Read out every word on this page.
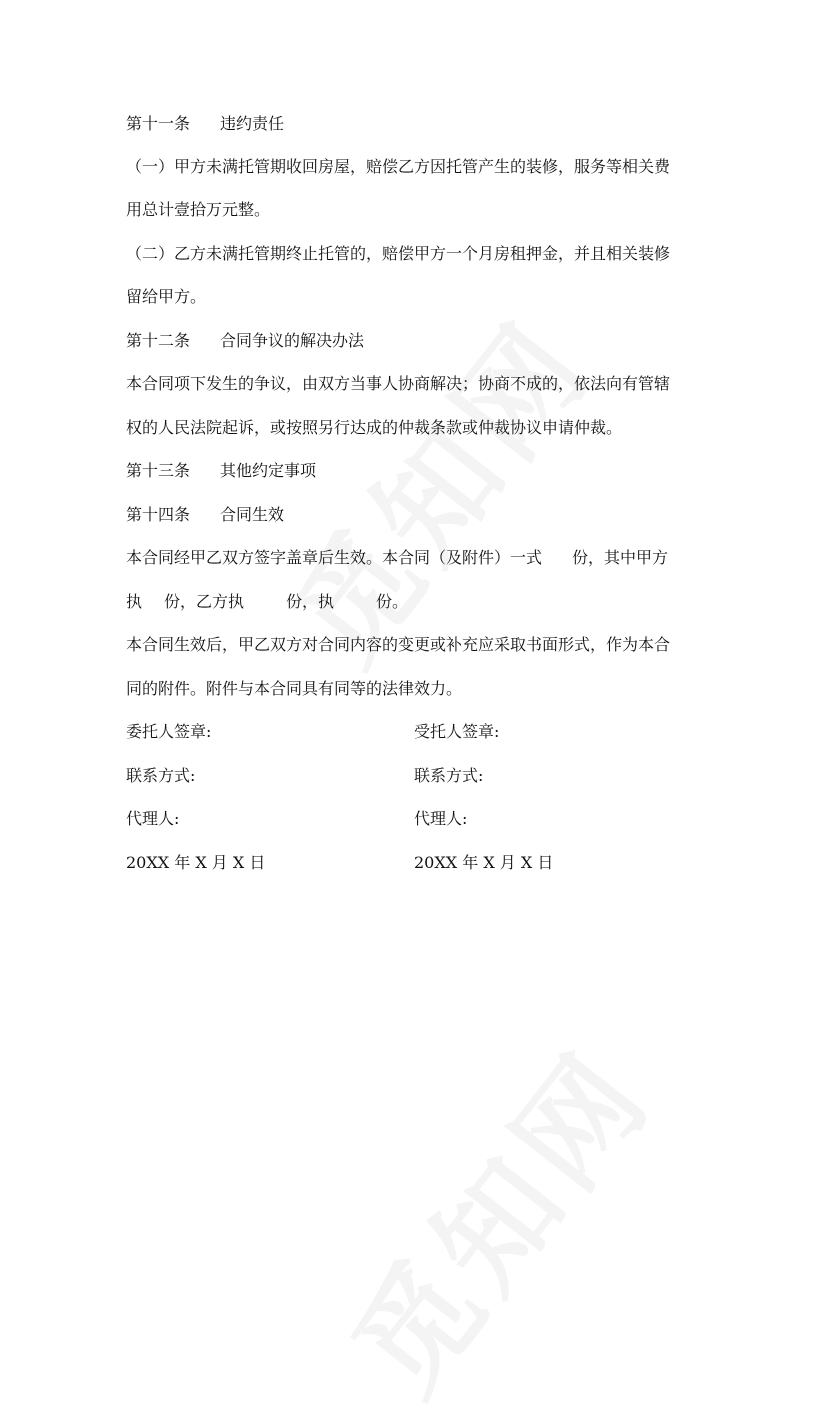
第十一条 违约责任
（一）甲方未满托管期收回房屋，赔偿乙方因托管产生的装修，服务等相关费
用总计壹拾万元整。
（二）乙方未满托管期终止托管的，赔偿甲方一个月房租押金，并且相关装修
留给甲方。
第十二条 合同争议的解决办法
本合同项下发生的争议，由双方当事人协商解决；协商不成的，依法向有管辖
权的人民法院起诉，或按照另行达成的仲裁条款或仲裁协议申请仲裁。
第十三条 其他约定事项
第十四条 合同生效
本合同经甲乙双方签字盖章后生效。本合同（及附件）一式 份，其中甲方
执 份，乙方执	份，执	份。
本合同生效后，甲乙双方对合同内容的变更或补充应采取书面形式，作为本合
同的附件。附件与本合同具有同等的法律效力。
委托人签章:	受托人签章:
联系方式:	联系方式:
代理人:	代理人:
20XX 年 X 月 X 日	20XX 年 X 月 X 日
